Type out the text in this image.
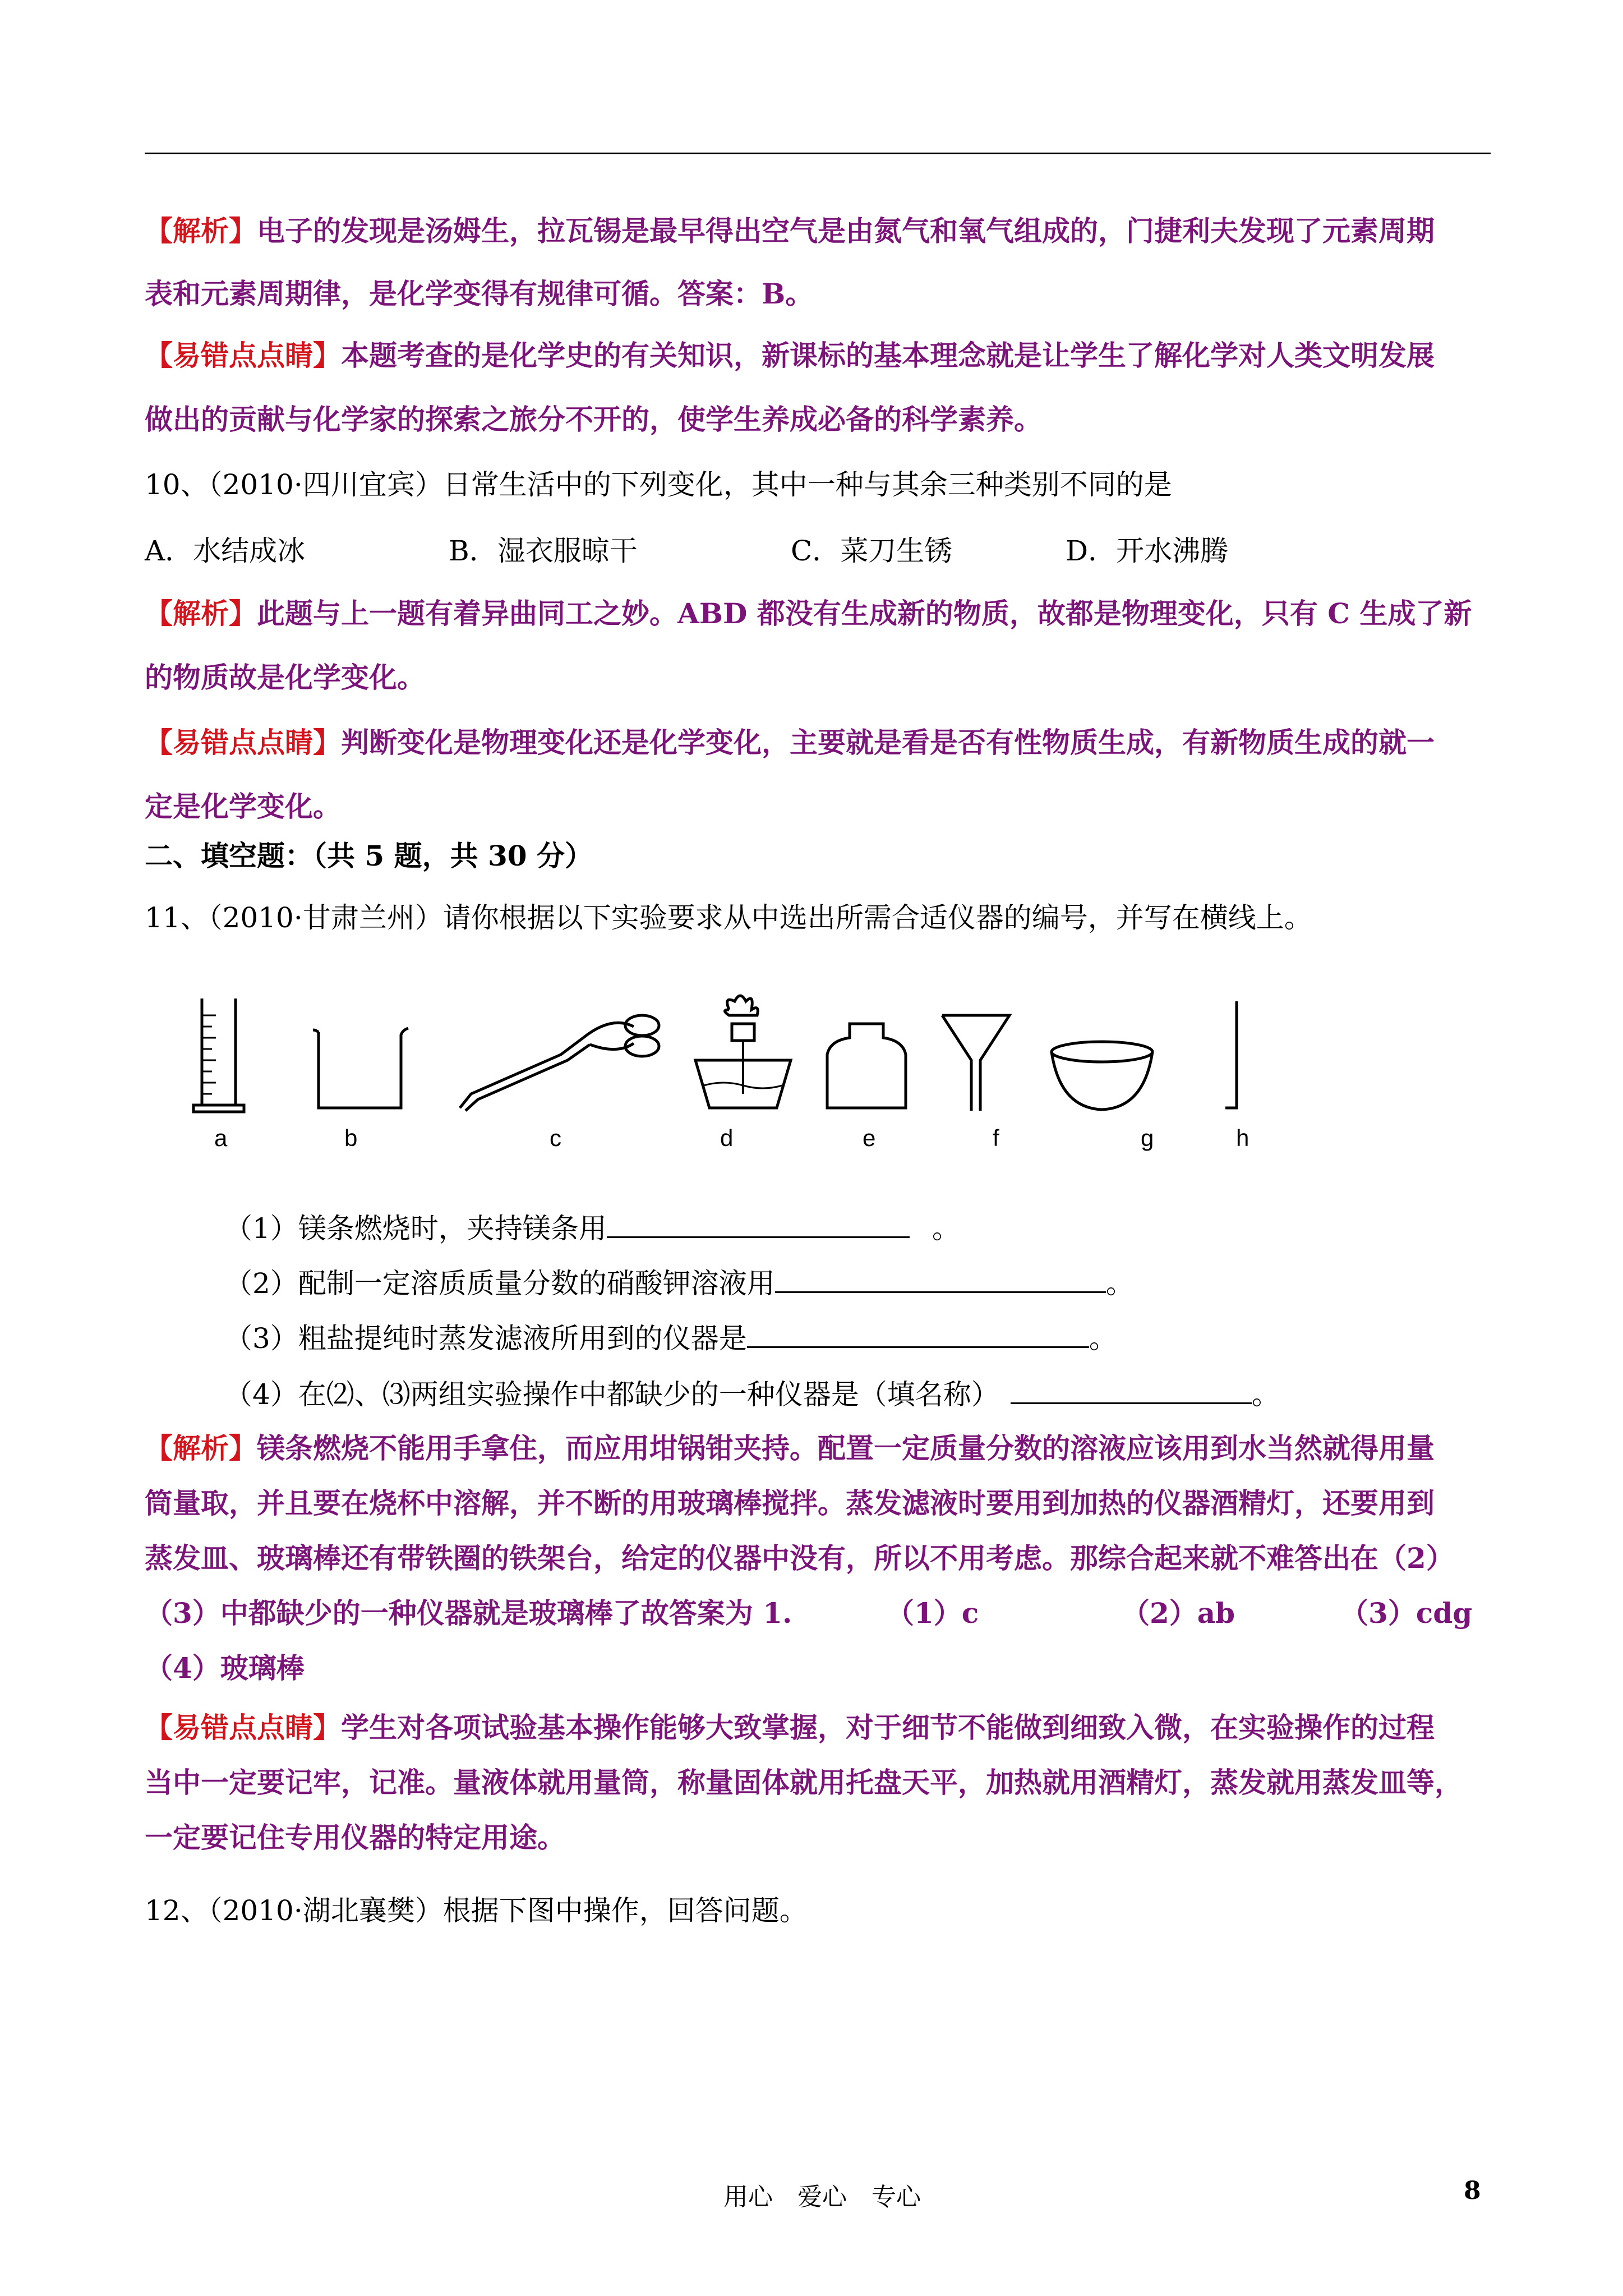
【解析】电子的发现是汤姆生，拉瓦锡是最早得出空气是由氮气和氧气组成的，门捷利夫发现了元素周期
表和元素周期律，是化学变得有规律可循。答案：B。
【易错点点睛】本题考查的是化学史的有关知识，新课标的基本理念就是让学生了解化学对人类文明发展
做出的贡献与化学家的探索之旅分不开的，使学生养成必备的科学素养。
10、（2010·四川宜宾）日常生活中的下列变化，其中一种与其余三种类别不同的是
A．水结成冰	B．湿衣服晾干	C．菜刀生锈	D．开水沸腾
【解析】此题与上一题有着异曲同工之妙。ABD 都没有生成新的物质，故都是物理变化，只有 C 生成了新
的物质故是化学变化。
【易错点点睛】判断变化是物理变化还是化学变化，主要就是看是否有性物质生成，有新物质生成的就一
定是化学变化。
二、填空题：（共 5 题，共 30 分）
11、（2010·甘肃兰州）请你根据以下实验要求从中选出所需合适仪器的编号，并写在横线上。
a	b	c	d	e	f	g	h
（1）镁条燃烧时，夹持镁条用	。
（2）配制一定溶质质量分数的硝酸钾溶液用	。
（3）粗盐提纯时蒸发滤液所用到的仪器是	。
（4）在⑵、⑶两组实验操作中都缺少的一种仪器是（填名称）	。
【解析】镁条燃烧不能用手拿住，而应用坩锅钳夹持。配置一定质量分数的溶液应该用到水当然就得用量
筒量取，并且要在烧杯中溶解，并不断的用玻璃棒搅拌。蒸发滤液时要用到加热的仪器酒精灯，还要用到
蒸发皿、玻璃棒还有带铁圈的铁架台，给定的仪器中没有，所以不用考虑。那综合起来就不难答出在（2）
（3）中都缺少的一种仪器就是玻璃棒了故答案为 1.	（1）c	（2）ab	（3）cdg
（4）玻璃棒
【易错点点睛】学生对各项试验基本操作能够大致掌握，对于细节不能做到细致入微，在实验操作的过程
当中一定要记牢，记准。量液体就用量筒，称量固体就用托盘天平，加热就用酒精灯，蒸发就用蒸发皿等，
一定要记住专用仪器的特定用途。
12、（2010·湖北襄樊）根据下图中操作，回答问题。
用心　爱心　专心	8
